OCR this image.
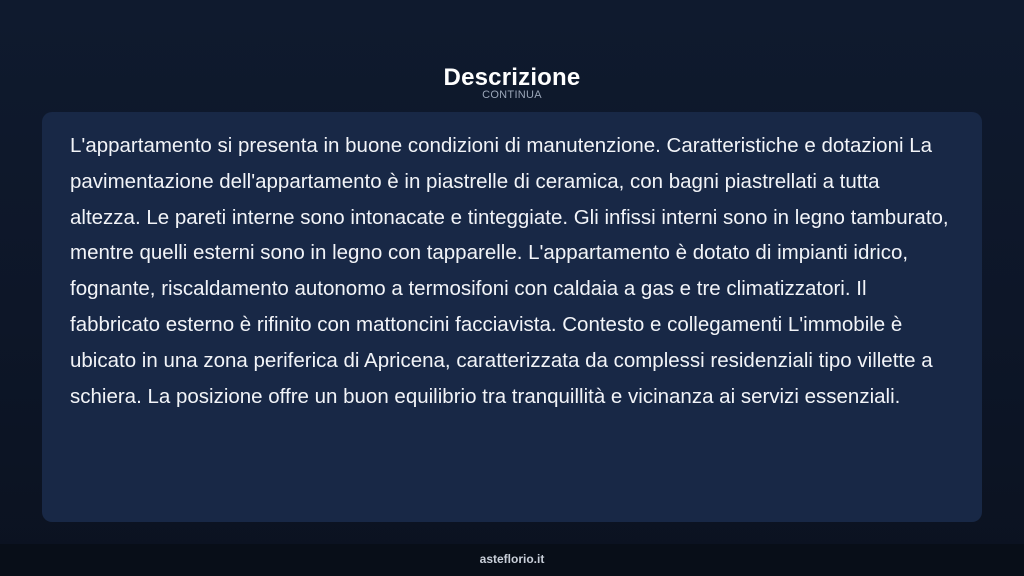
Descrizione
CONTINUA

L'appartamento si presenta in buone condizioni di manutenzione. Caratteristiche e dotazioni La pavimentazione dell'appartamento è in piastrelle di ceramica, con bagni piastrellati a tutta altezza. Le pareti interne sono intonacate e tinteggiate. Gli infissi interni sono in legno tamburato, mentre quelli esterni sono in legno con tapparelle. L'appartamento è dotato di impianti idrico, fognante, riscaldamento autonomo a termosifoni con caldaia a gas e tre climatizzatori. Il fabbricato esterno è rifinito con mattoncini facciavista. Contesto e collegamenti L'immobile è ubicato in una zona periferica di Apricena, caratterizzata da complessi residenziali tipo villette a schiera. La posizione offre un buon equilibrio tra tranquillità e vicinanza ai servizi essenziali.

asteflorio.it
